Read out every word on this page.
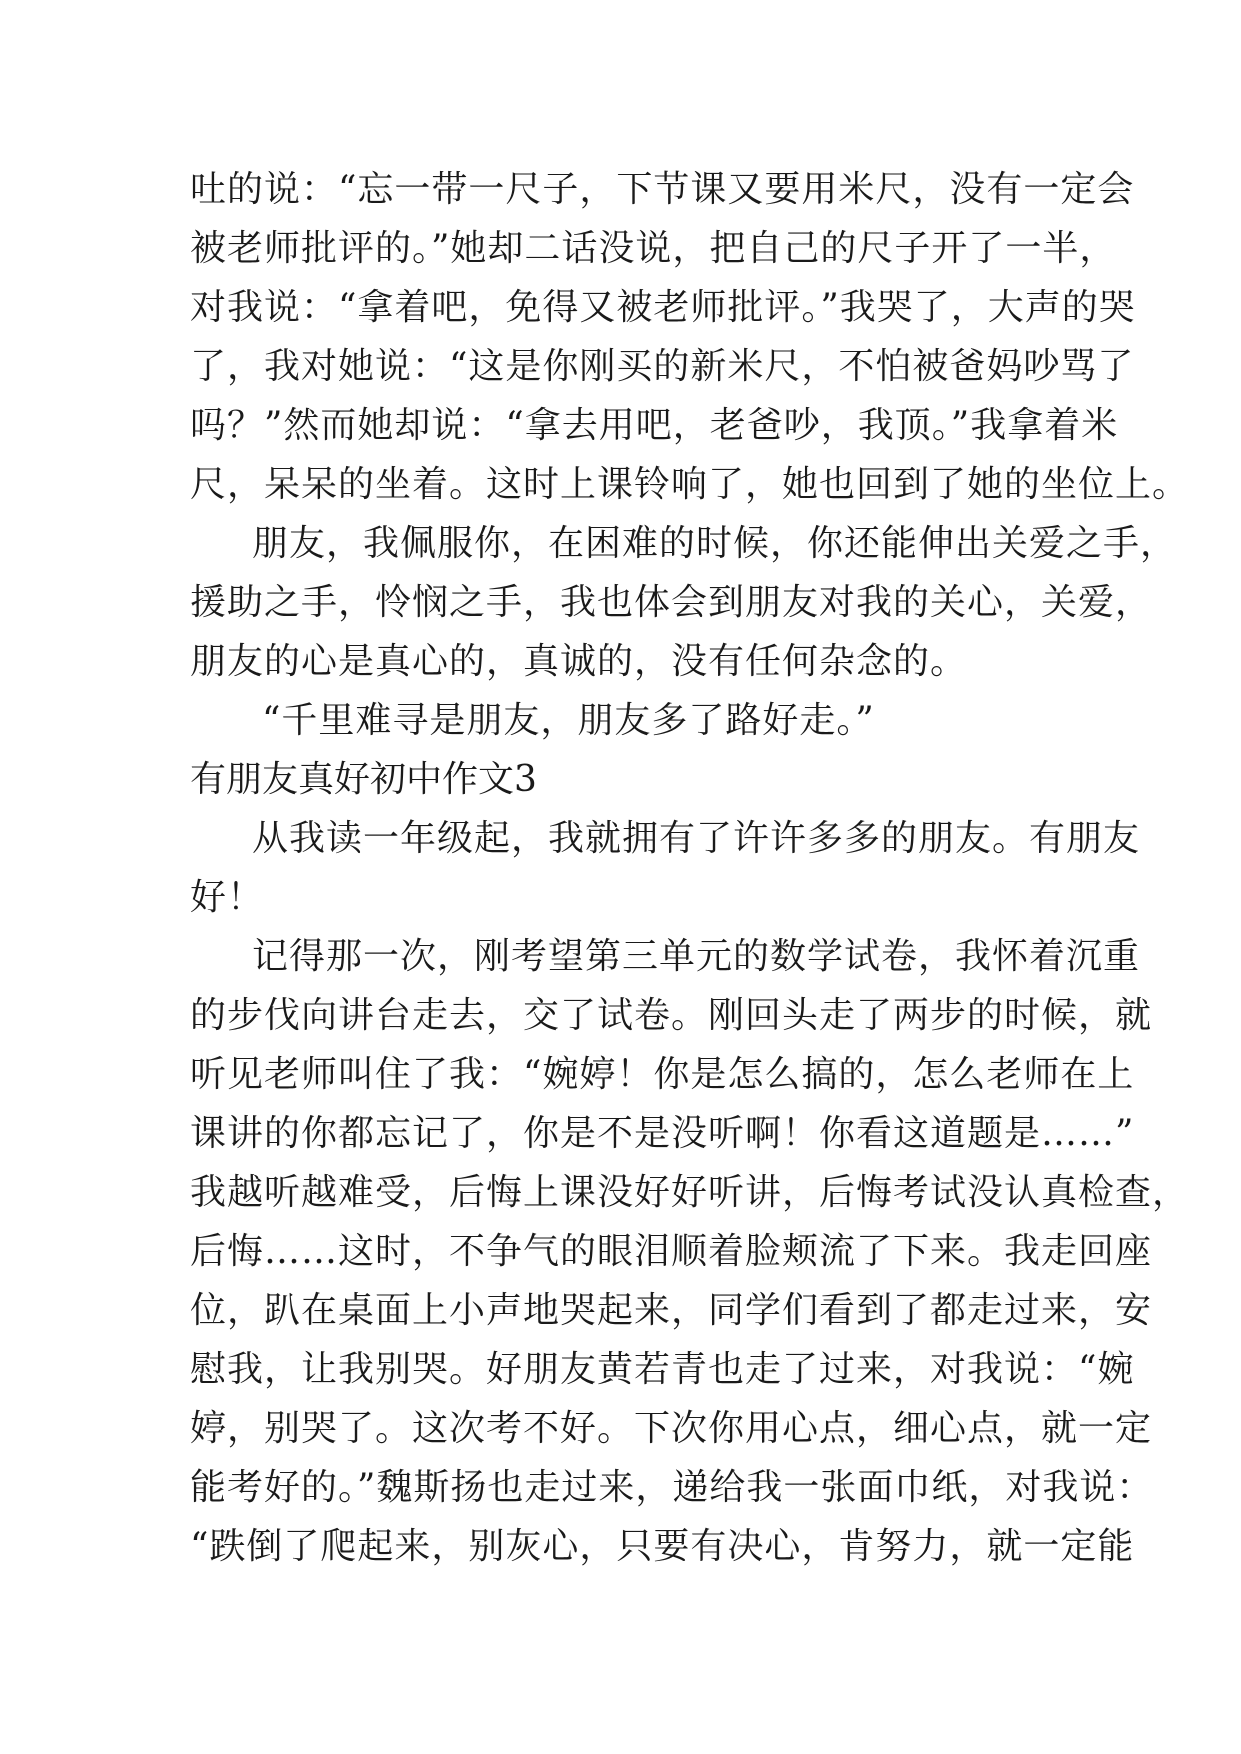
吐的说：“忘一带一尺子，下节课又要用米尺，没有一定会
被老师批评的。”她却二话没说，把自己的尺子开了一半，
对我说：“拿着吧，免得又被老师批评。”我哭了，大声的哭
了，我对她说：“这是你刚买的新米尺，不怕被爸妈吵骂了
吗？”然而她却说：“拿去用吧，老爸吵，我顶。”我拿着米
尺，呆呆的坐着。这时上课铃响了，她也回到了她的坐位上。
朋友，我佩服你，在困难的时候，你还能伸出关爱之手，
援助之手，怜悯之手，我也体会到朋友对我的关心，关爱，
朋友的心是真心的，真诚的，没有任何杂念的。
“千里难寻是朋友，朋友多了路好走。”
有朋友真好初中作文3
从我读一年级起，我就拥有了许许多多的朋友。有朋友
好！
记得那一次，刚考望第三单元的数学试卷，我怀着沉重
的步伐向讲台走去，交了试卷。刚回头走了两步的时候，就
听见老师叫住了我：“婉婷！你是怎么搞的，怎么老师在上
课讲的你都忘记了，你是不是没听啊！你看这道题是……”
我越听越难受，后悔上课没好好听讲，后悔考试没认真检查，
后悔……这时，不争气的眼泪顺着脸颊流了下来。我走回座
位，趴在桌面上小声地哭起来，同学们看到了都走过来，安
慰我，让我别哭。好朋友黄若青也走了过来，对我说：“婉
婷，别哭了。这次考不好。下次你用心点，细心点，就一定
能考好的。”魏斯扬也走过来，递给我一张面巾纸，对我说：
“跌倒了爬起来，别灰心，只要有决心，肯努力，就一定能
